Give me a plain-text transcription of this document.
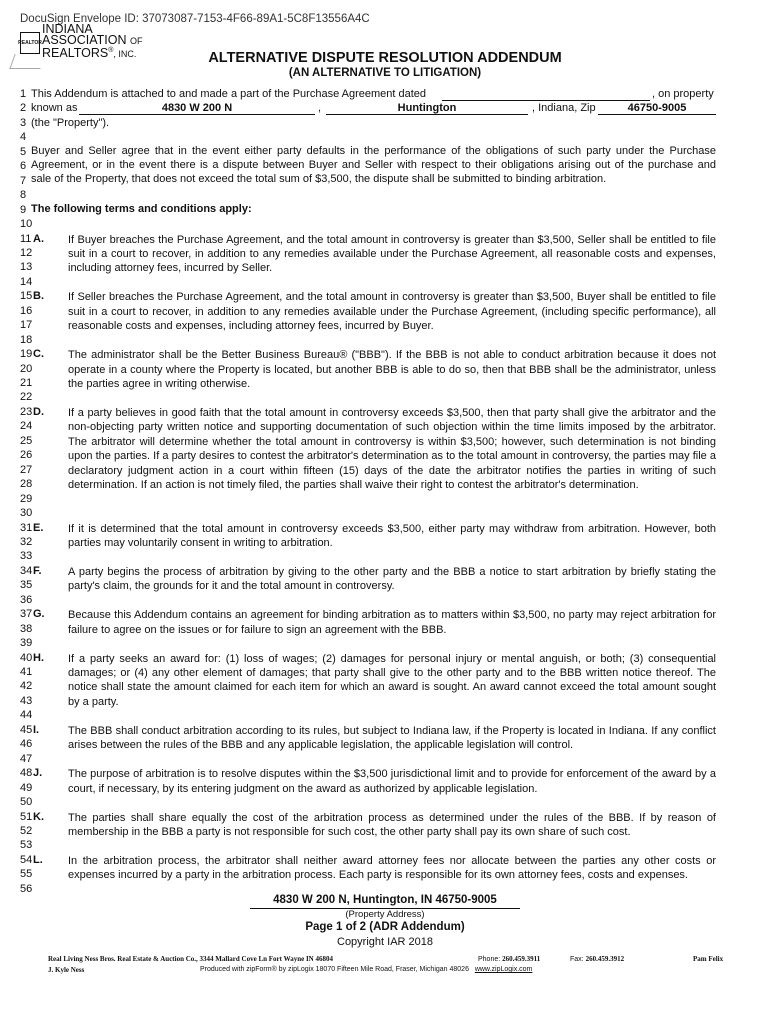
DocuSign Envelope ID: 37073087-7153-4F66-89A1-5C8F13556A4C
REALTOR
INDIANA
ASSOCIATION OF
REALTORS®, INC.	ALTERNATIVE DISPUTE RESOLUTION ADDENDUM
(AN ALTERNATIVE TO LITIGATION)
1
2
3
4
5
6
7
8
9
10
11
12
13
14
15
16
17
18
19
20
21
22
23
24
25
26
27
28
29
30
31
32
33
34
35
36
37
38
39
40
41
42
43
44
45
46
47
48
49
50
51
52
53
54
55
56
This Addendum is attached to and made a part of the Purchase Agreement dated	, on property
known as	4830 W 200 N	,	Huntington	, Indiana, Zip	46750-9005
(the "Property").
Buyer and Seller agree that in the event either party defaults in the performance of the obligations of such party under the Purchase
Agreement, or in the event there is a dispute between Buyer and Seller with respect to their obligations arising out of the purchase and
sale of the Property, that does not exceed the total sum of $3,500, the dispute shall be submitted to binding arbitration.
The following terms and conditions apply:
A. If Buyer breaches the Purchase Agreement, and the total amount in controversy is greater than $3,500, Seller shall be entitled to file suit in a court to recover, in addition to any remedies available under the Purchase Agreement, all reasonable costs and expenses, including attorney fees, incurred by Seller.
B. If Seller breaches the Purchase Agreement, and the total amount in controversy is greater than $3,500, Buyer shall be entitled to file suit in a court to recover, in addition to any remedies available under the Purchase Agreement, (including specific performance), all reasonable costs and expenses, including attorney fees, incurred by Buyer.
C. The administrator shall be the Better Business Bureau® ("BBB"). If the BBB is not able to conduct arbitration because it does not operate in a county where the Property is located, but another BBB is able to do so, then that BBB shall be the administrator, unless the parties agree in writing otherwise.
D. If a party believes in good faith that the total amount in controversy exceeds $3,500, then that party shall give the arbitrator and the non-objecting party written notice and supporting documentation of such objection within the time limits imposed by the arbitrator. The arbitrator will determine whether the total amount in controversy is within $3,500; however, such determination is not binding upon the parties. If a party desires to contest the arbitrator's determination as to the total amount in controversy, the parties may file a declaratory judgment action in a court within fifteen (15) days of the date the arbitrator notifies the parties in writing of such determination. If an action is not timely filed, the parties shall waive their right to contest the arbitrator's determination.
E. If it is determined that the total amount in controversy exceeds $3,500, either party may withdraw from arbitration. However, both parties may voluntarily consent in writing to arbitration.
F. A party begins the process of arbitration by giving to the other party and the BBB a notice to start arbitration by briefly stating the party's claim, the grounds for it and the total amount in controversy.
G. Because this Addendum contains an agreement for binding arbitration as to matters within $3,500, no party may reject arbitration for failure to agree on the issues or for failure to sign an agreement with the BBB.
H. If a party seeks an award for: (1) loss of wages; (2) damages for personal injury or mental anguish, or both; (3) consequential damages; or (4) any other element of damages; that party shall give to the other party and to the BBB written notice thereof. The notice shall state the amount claimed for each item for which an award is sought. An award cannot exceed the total amount sought by a party.
I.	The BBB shall conduct arbitration according to its rules, but subject to Indiana law, if the Property is located in Indiana. If any conflict arises between the rules of the BBB and any applicable legislation, the applicable legislation will control.
J. The purpose of arbitration is to resolve disputes within the $3,500 jurisdictional limit and to provide for enforcement of the award by a court, if necessary, by its entering judgment on the award as authorized by applicable legislation.
K. The parties shall share equally the cost of the arbitration process as determined under the rules of the BBB. If by reason of membership in the BBB a party is not responsible for such cost, the other party shall pay its own share of such cost.
L. In the arbitration process, the arbitrator shall neither award attorney fees nor allocate between the parties any other costs or expenses incurred by a party in the arbitration process. Each party is responsible for its own attorney fees, costs and expenses.
4830 W 200 N, Huntington, IN 46750-9005
(Property Address)
Page 1 of 2 (ADR Addendum)
Copyright IAR 2018
Real Living Ness Bros. Real Estate & Auction Co., 3344 Mallard Cove Ln Fort Wayne IN 46804	Phone: 260.459.3911	Fax: 260.459.3912	Pam Felix
J. Kyle Ness	Produced with zipForm® by zipLogix 18070 Fifteen Mile Road, Fraser, Michigan 48026 www.zipLogix.com
